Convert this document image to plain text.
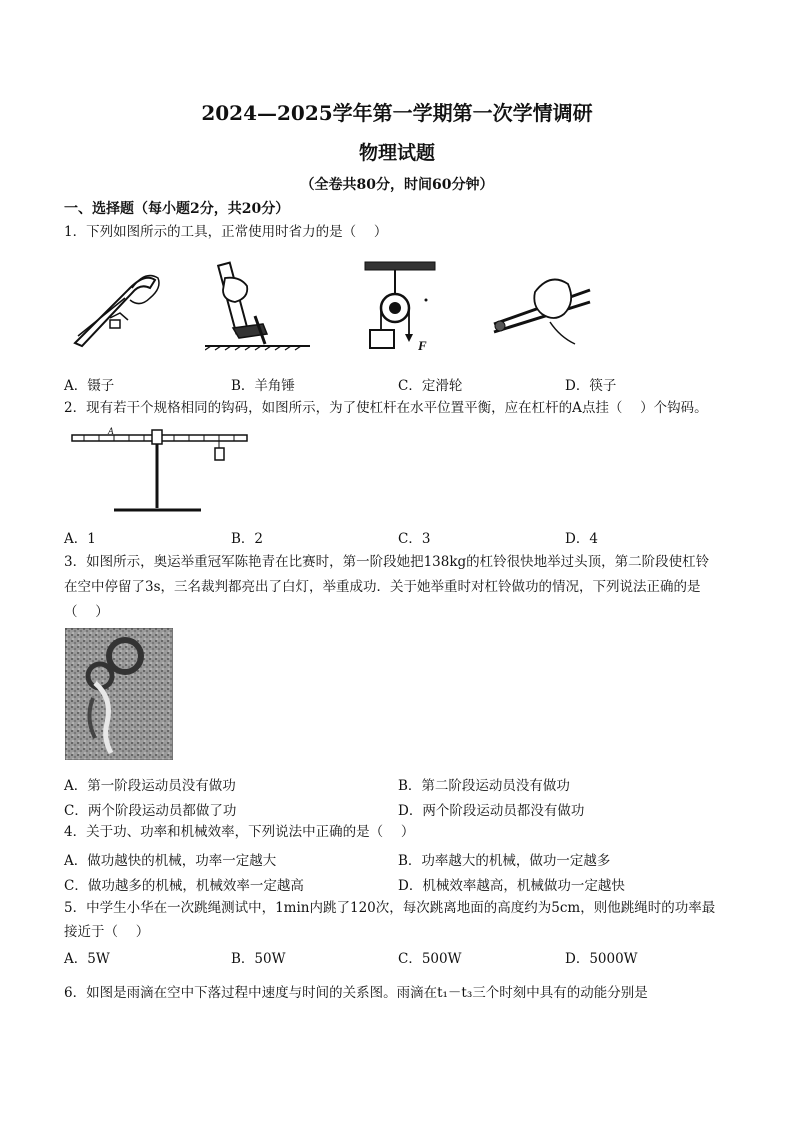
2024—2025学年第一学期第一次学情调研
物理试题
（全卷共80分，时间60分钟）
一、选择题（每小题2分，共20分）
1．下列如图所示的工具，正常使用时省力的是（　 ）
F
A．镊子	B．羊角锤	C．定滑轮	D．筷子
2．现有若干个规格相同的钩码，如图所示，为了使杠杆在水平位置平衡，应在杠杆的A点挂（　 ）个钩码。
A
A．1	B．2	C．3	D．4
3．如图所示，奥运举重冠军陈艳青在比赛时，第一阶段她把138kg的杠铃很快地举过头顶，第二阶段使杠铃
在空中停留了3s，三名裁判都亮出了白灯，举重成功．关于她举重时对杠铃做功的情况，下列说法正确的是
（　 ）
A．第一阶段运动员没有做功	B．第二阶段运动员没有做功
C．两个阶段运动员都做了功	D．两个阶段运动员都没有做功
4．关于功、功率和机械效率，下列说法中正确的是（　 ）
A．做功越快的机械，功率一定越大	B．功率越大的机械，做功一定越多
C．做功越多的机械，机械效率一定越高	D．机械效率越高，机械做功一定越快
5．中学生小华在一次跳绳测试中，1min内跳了120次，每次跳离地面的高度约为5cm，则他跳绳时的功率最
接近于（　 ）
A．5W	B．50W	C．500W	D．5000W
6．如图是雨滴在空中下落过程中速度与时间的关系图。雨滴在t₁－t₃三个时刻中具有的动能分别是
